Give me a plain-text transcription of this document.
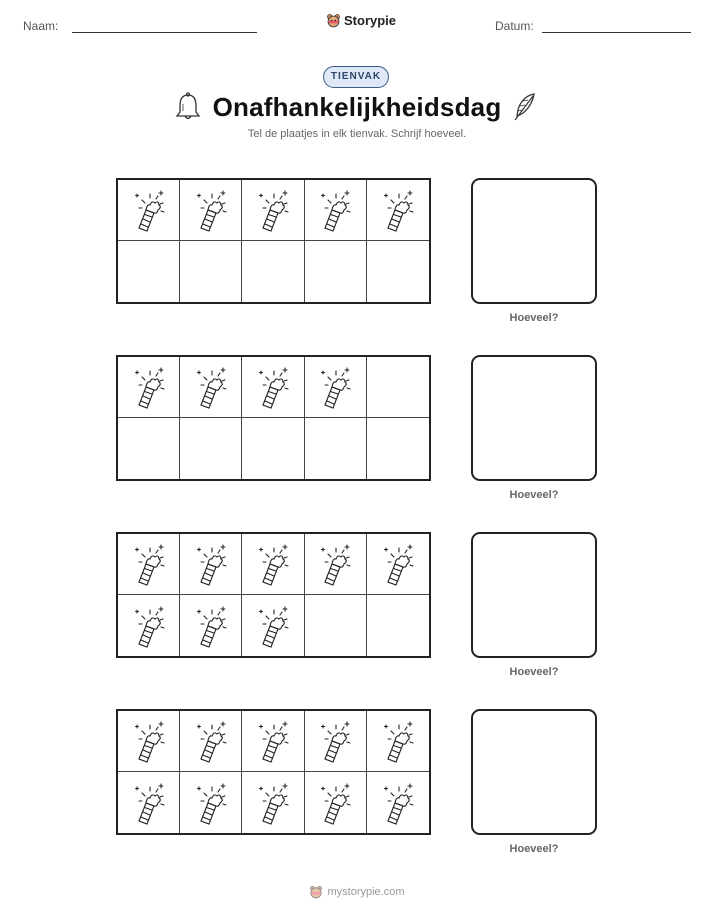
Naam:	Storypie	Datum:
TIENVAK
Onafhankelijkheidsdag
Tel de plaatjes in elk tienvak. Schrijf hoeveel.
Hoeveel?
Hoeveel?
Hoeveel?
Hoeveel?
mystorypie.com
